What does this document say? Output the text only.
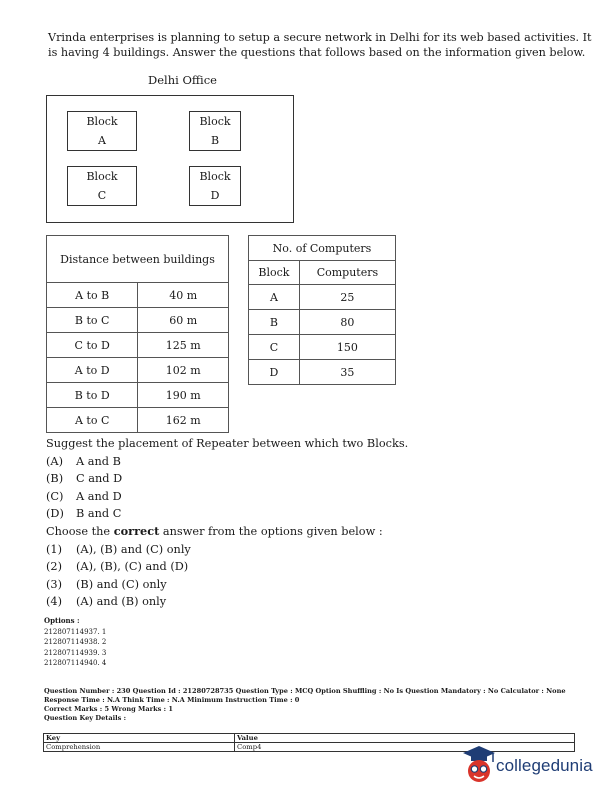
Vrinda enterprises is planning to setup a secure network in Delhi for its web based activities. It is having 4 buildings. Answer the questions that follows based on the information given below.
Delhi Office
Block
A
Block
B
Block
C
Block
D
Distance between buildings	
A to B	40 m
B to C	60 m
C to D	125 m
A to D	102 m
B to D	190 m
A to C	162 m
No. of Computers	
Block	Computers
A	25
B	80
C	150
D	35
Suggest the placement of Repeater between which two Blocks.
(A) A and B
(B) C and D
(C) A and D
(D) B and C
Choose the correct answer from the options given below :
(1) (A), (B) and (C) only
(2) (A), (B), (C) and (D)
(3) (B) and (C) only
(4) (A) and (B) only
Options :
212807114937. 1
212807114938. 2
212807114939. 3
212807114940. 4
Question Number : 230 Question Id : 21280728735 Question Type : MCQ Option Shuffling : No Is Question Mandatory : No Calculator : None
Response Time : N.A Think Time : N.A Minimum Instruction Time : 0
Correct Marks : 5 Wrong Marks : 1
Question Key Details :
Key	Value
Comprehension	Comp4
collegedunia
